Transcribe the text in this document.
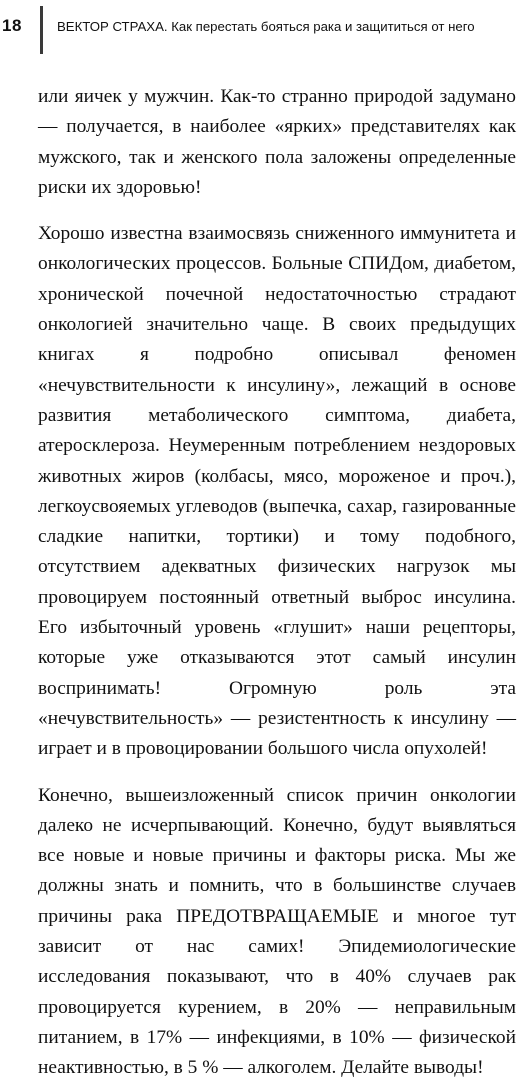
18	ВЕКТОР СТРАХА. Как перестать бояться рака и защититься от него

или яичек у мужчин. Как-то странно природой задумано — получается, в наиболее «ярких» представителях как мужского, так и женского пола заложены определенные риски их здоровью!

Хорошо известна взаимосвязь сниженного иммунитета и онкологических процессов. Больные СПИДом, диабетом, хронической почечной недостаточностью страдают онкологией значительно чаще. В своих предыдущих книгах я подробно описывал феномен «нечувствительности к инсулину», лежащий в основе развития метаболического симптома, диабета, атеросклероза. Неумеренным потреблением нездоровых животных жиров (колбасы, мясо, мороженое и проч.), легкоусвояемых углеводов (выпечка, сахар, газированные сладкие напитки, тортики) и тому подобного, отсутствием адекватных физических нагрузок мы провоцируем постоянный ответный выброс инсулина. Его избыточный уровень «глушит» наши рецепторы, которые уже отказываются этот самый инсулин воспринимать! Огромную роль эта «нечувствительность» — резистентность к инсулину — играет и в провоцировании большого числа опухолей!

Конечно, вышеизложенный список причин онкологии далеко не исчерпывающий. Конечно, будут выявляться все новые и новые причины и факторы риска. Мы же должны знать и помнить, что в большинстве случаев причины рака ПРЕДОТВРАЩАЕМЫЕ и многое тут зависит от нас самих! Эпидемиологические исследования показывают, что в 40% случаев рак провоцируется курением, в 20% — неправильным питанием, в 17% — инфекциями, в 10% — физической неактивностью, в 5 % — алкоголем. Делайте выводы!
